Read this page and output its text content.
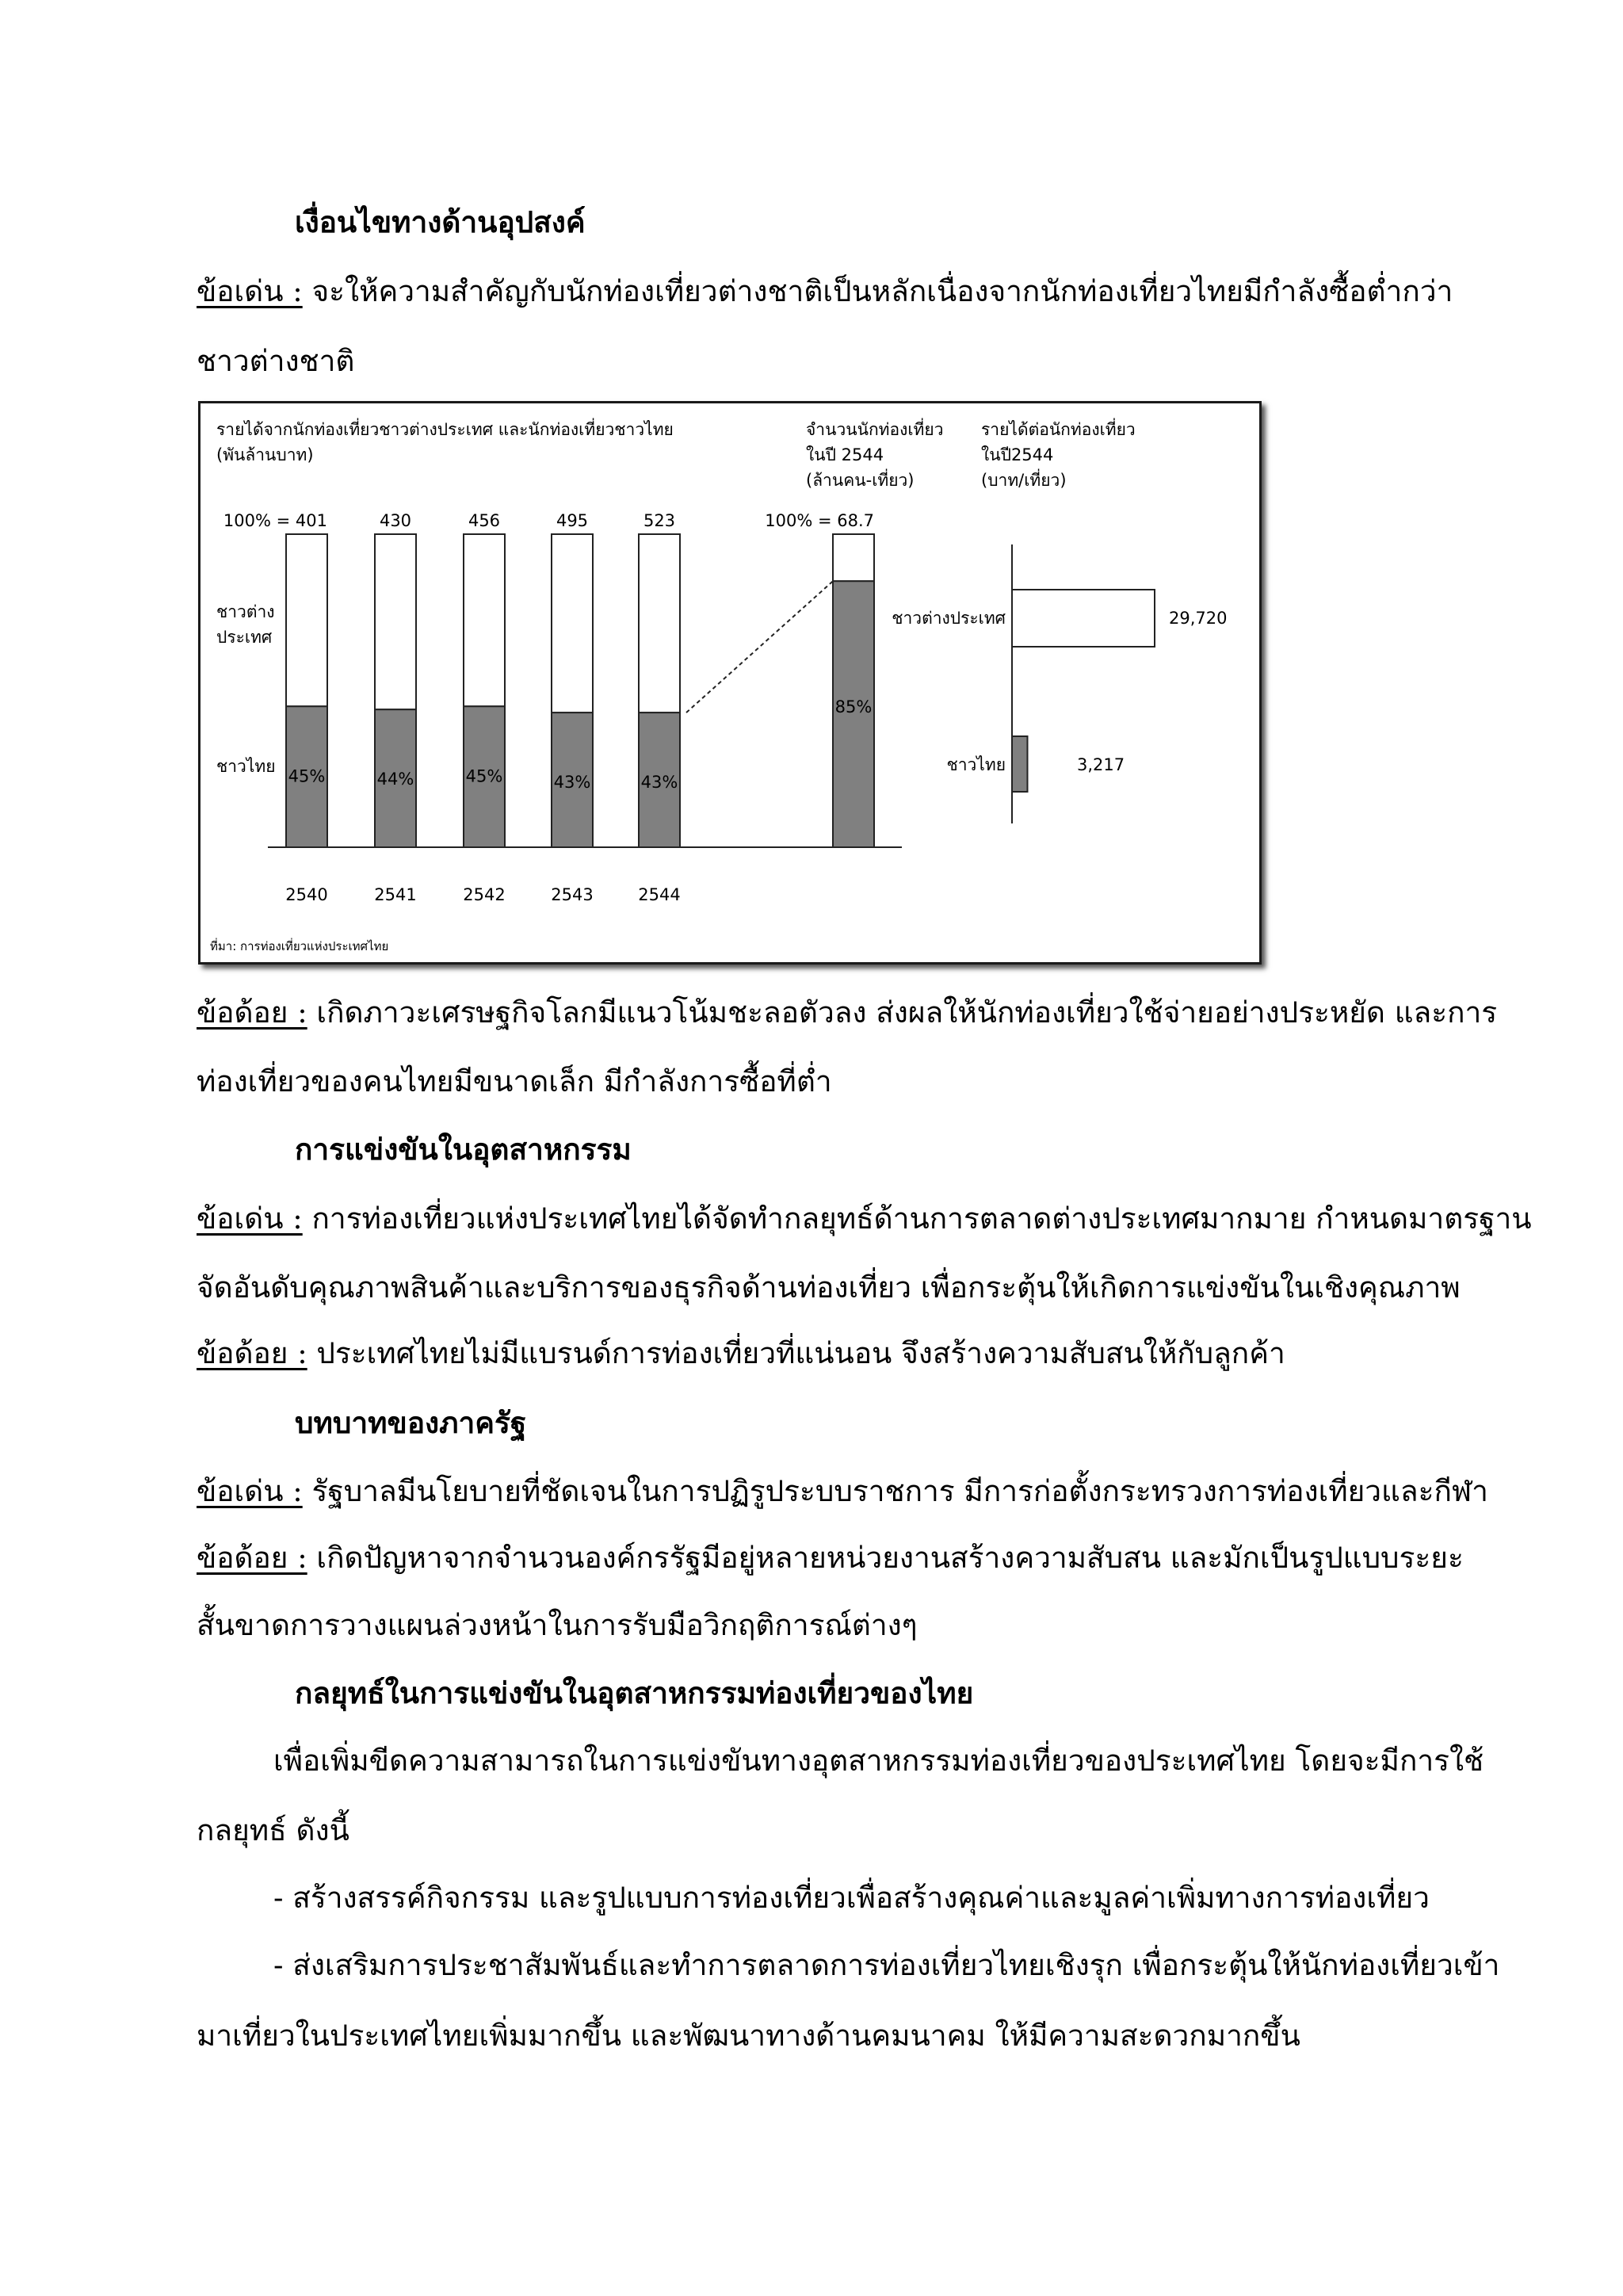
เงื่อนไขทางด้านอุปสงค์
ข้อเด่น : จะให้ความสำคัญกับนักท่องเที่ยวต่างชาติเป็นหลักเนื่องจากนักท่องเที่ยวไทยมีกำลังซื้อต่ำกว่า
ชาวต่างชาติ
รายได้จากนักท่องเที่ยวชาวต่างประเทศ และนักท่องเที่ยวชาวไทย
(พันล้านบาท)
ชาวต่าง
ประเทศ
ชาวไทย
45%
100% = 401
2540
44%
430
2541
45%
456
2542
43%
495
2543
43%
523
2544
จำนวนนักท่องเที่ยว
ในปี 2544
(ล้านคน-เที่ยว)
100% = 68.7
85%
รายได้ต่อนักท่องเที่ยว
ในปี2544
(บาท/เที่ยว)
ชาวต่างประเทศ	29,720
ชาวไทย	3,217
ที่มา: การท่องเที่ยวแห่งประเทศไทย
ข้อด้อย : เกิดภาวะเศรษฐกิจโลกมีแนวโน้มชะลอตัวลง ส่งผลให้นักท่องเที่ยวใช้จ่ายอย่างประหยัด และการ
ท่องเที่ยวของคนไทยมีขนาดเล็ก มีกำลังการซื้อที่ต่ำ
การแข่งขันในอุตสาหกรรม
ข้อเด่น : การท่องเที่ยวแห่งประเทศไทยได้จัดทำกลยุทธ์ด้านการตลาดต่างประเทศมากมาย กำหนดมาตรฐาน
จัดอันดับคุณภาพสินค้าและบริการของธุรกิจด้านท่องเที่ยว เพื่อกระตุ้นให้เกิดการแข่งขันในเชิงคุณภาพ
ข้อด้อย : ประเทศไทยไม่มีแบรนด์การท่องเที่ยวที่แน่นอน จึงสร้างความสับสนให้กับลูกค้า
บทบาทของภาครัฐ
ข้อเด่น : รัฐบาลมีนโยบายที่ชัดเจนในการปฏิรูประบบราชการ มีการก่อตั้งกระทรวงการท่องเที่ยวและกีฬา
ข้อด้อย : เกิดปัญหาจากจำนวนองค์กรรัฐมีอยู่หลายหน่วยงานสร้างความสับสน และมักเป็นรูปแบบระยะ
สั้นขาดการวางแผนล่วงหน้าในการรับมือวิกฤติการณ์ต่างๆ
กลยุทธ์ในการแข่งขันในอุตสาหกรรมท่องเที่ยวของไทย
เพื่อเพิ่มขีดความสามารถในการแข่งขันทางอุตสาหกรรมท่องเที่ยวของประเทศไทย โดยจะมีการใช้
กลยุทธ์ ดังนี้
- สร้างสรรค์กิจกรรม และรูปแบบการท่องเที่ยวเพื่อสร้างคุณค่าและมูลค่าเพิ่มทางการท่องเที่ยว
- ส่งเสริมการประชาสัมพันธ์และทำการตลาดการท่องเที่ยวไทยเชิงรุก เพื่อกระตุ้นให้นักท่องเที่ยวเข้า
มาเที่ยวในประเทศไทยเพิ่มมากขึ้น และพัฒนาทางด้านคมนาคม ให้มีความสะดวกมากขึ้น
